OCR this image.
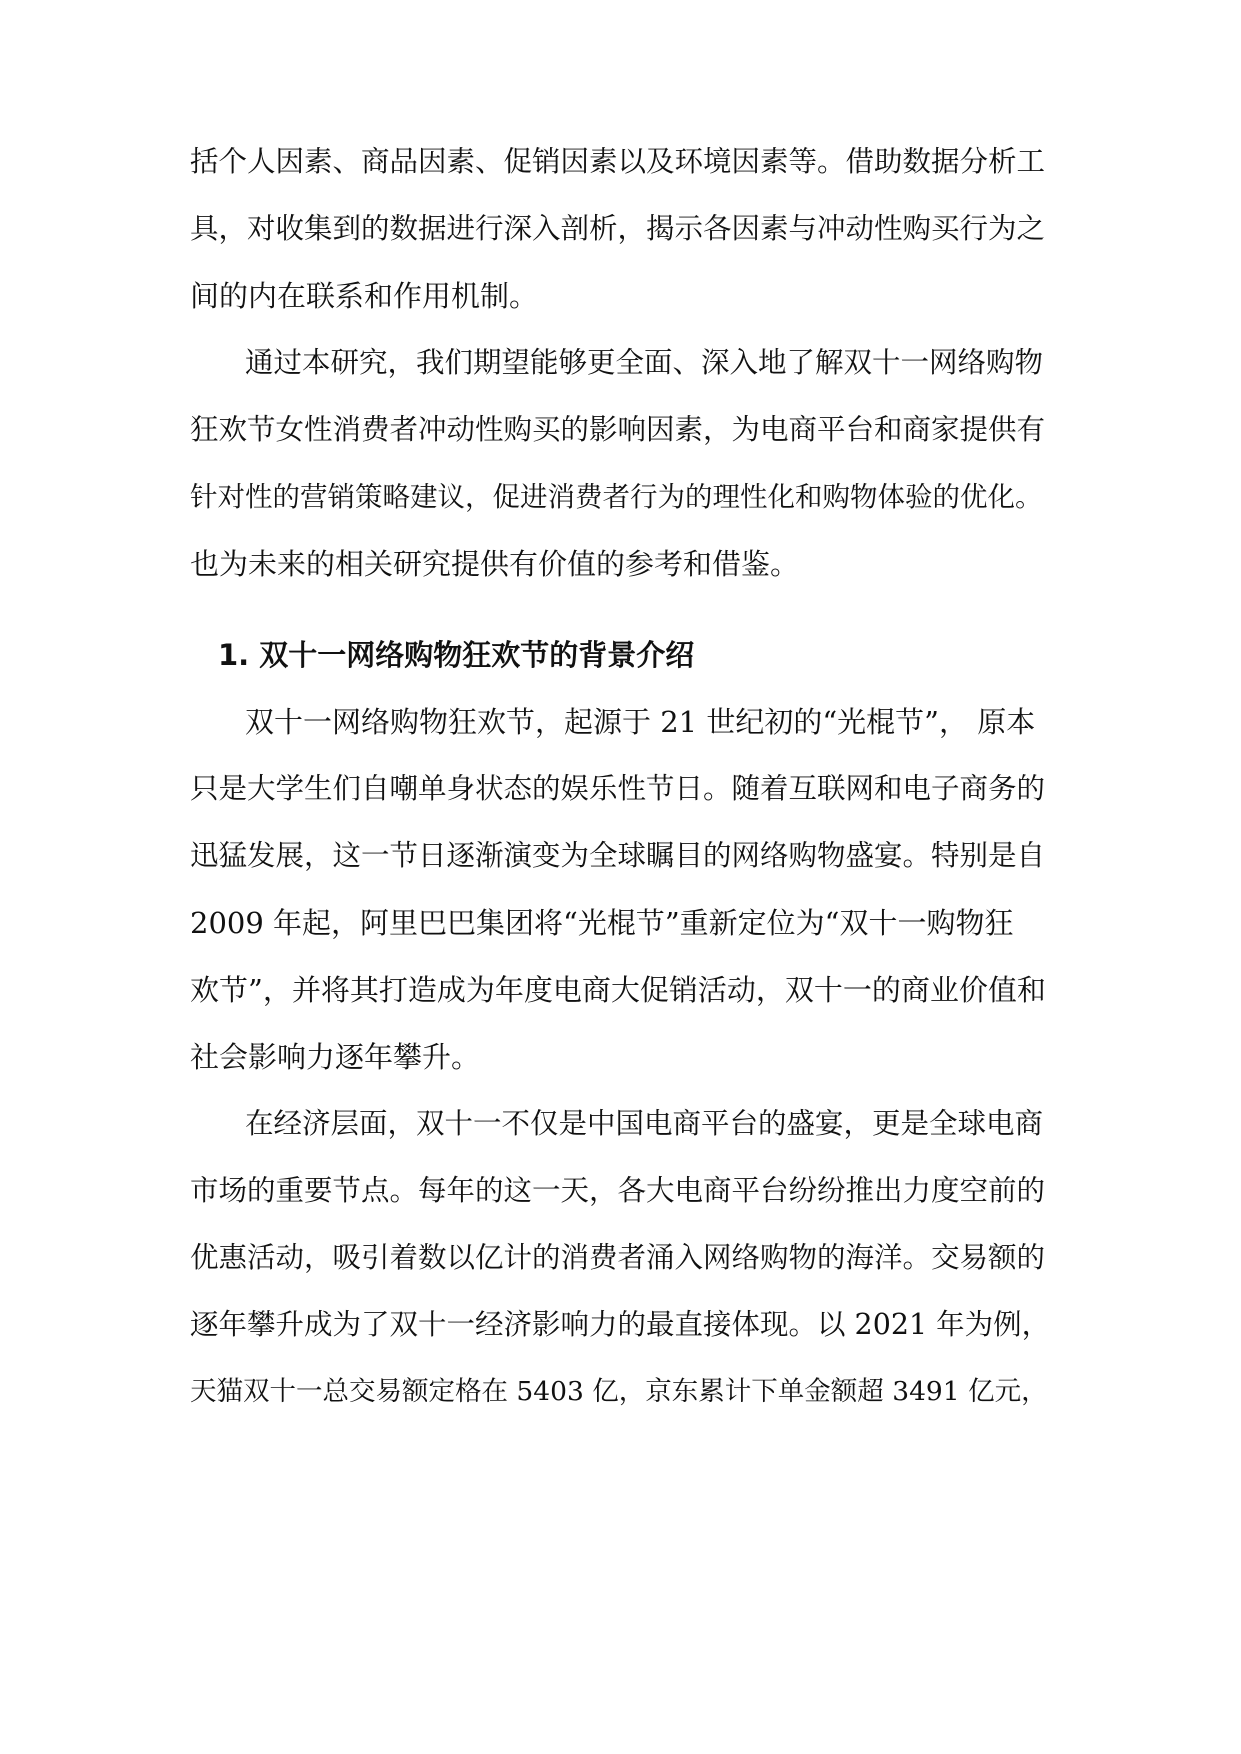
括个人因素、商品因素、促销因素以及环境因素等。借助数据分析工
具，对收集到的数据进行深入剖析，揭示各因素与冲动性购买行为之
间的内在联系和作用机制。
通过本研究，我们期望能够更全面、深入地了解双十一网络购物
狂欢节女性消费者冲动性购买的影响因素，为电商平台和商家提供有
针对性的营销策略建议，促进消费者行为的理性化和购物体验的优化。
也为未来的相关研究提供有价值的参考和借鉴。
1. 双十一网络购物狂欢节的背景介绍
双十一网络购物狂欢节，起源于 21 世纪初的“光棍节”， 原本
只是大学生们自嘲单身状态的娱乐性节日。随着互联网和电子商务的
迅猛发展，这一节日逐渐演变为全球瞩目的网络购物盛宴。特别是自
2009 年起，阿里巴巴集团将“光棍节”重新定位为“双十一购物狂
欢节”，并将其打造成为年度电商大促销活动，双十一的商业价值和
社会影响力逐年攀升。
在经济层面，双十一不仅是中国电商平台的盛宴，更是全球电商
市场的重要节点。每年的这一天，各大电商平台纷纷推出力度空前的
优惠活动，吸引着数以亿计的消费者涌入网络购物的海洋。交易额的
逐年攀升成为了双十一经济影响力的最直接体现。以 2021 年为例，
天猫双十一总交易额定格在 5403 亿，京东累计下单金额超 3491 亿元，
